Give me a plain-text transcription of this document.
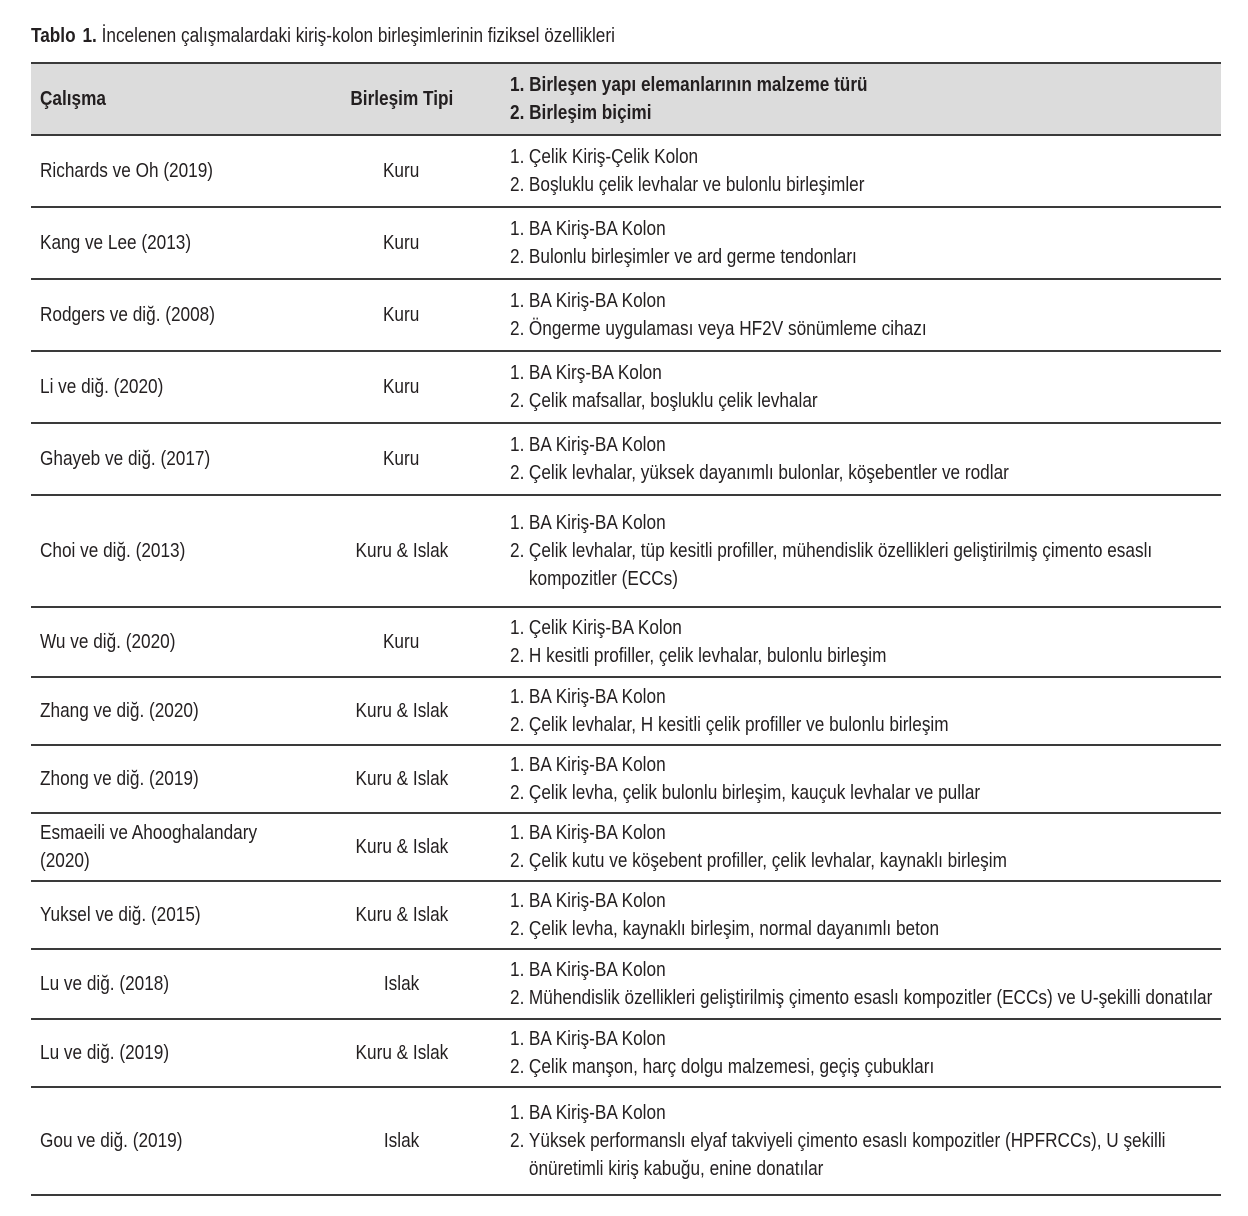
Tablo 1. İncelenen çalışmalardaki kiriş-kolon birleşimlerinin fiziksel özellikleri
Çalışma	Birleşim Tipi	1. Birleşen yapı elemanlarının malzeme türü
2. Birleşim biçimi

Richards ve Oh (2019)	Kuru	1. Çelik Kiriş-Çelik Kolon
2. Boşluklu çelik levhalar ve bulonlu birleşimler

Kang ve Lee (2013)	Kuru	1. BA Kiriş-BA Kolon
2. Bulonlu birleşimler ve ard germe tendonları

Rodgers ve diğ. (2008)	Kuru	1. BA Kiriş-BA Kolon
2. Öngerme uygulaması veya HF2V sönümleme cihazı

Li ve diğ. (2020)	Kuru	1. BA Kirş-BA Kolon
2. Çelik mafsallar, boşluklu çelik levhalar

Ghayeb ve diğ. (2017)	Kuru	1. BA Kiriş-BA Kolon
2. Çelik levhalar, yüksek dayanımlı bulonlar, köşebentler ve rodlar

Choi ve diğ. (2013)	Kuru & Islak	1. BA Kiriş-BA Kolon
2. Çelik levhalar, tüp kesitli profiller, mühendislik özellikleri geliştirilmiş çimento esaslı kompozitler (ECCs)

Wu ve diğ. (2020)	Kuru	1. Çelik Kiriş-BA Kolon
2. H kesitli profiller, çelik levhalar, bulonlu birleşim

Zhang ve diğ. (2020)	Kuru & Islak	1. BA Kiriş-BA Kolon
2. Çelik levhalar, H kesitli çelik profiller ve bulonlu birleşim

Zhong ve diğ. (2019)	Kuru & Islak	1. BA Kiriş-BA Kolon
2. Çelik levha, çelik bulonlu birleşim, kauçuk levhalar ve pullar

Esmaeili ve Ahooghalandary (2020)	Kuru & Islak	1. BA Kiriş-BA Kolon
2. Çelik kutu ve köşebent profiller, çelik levhalar, kaynaklı birleşim

Yuksel ve diğ. (2015)	Kuru & Islak	1. BA Kiriş-BA Kolon
2. Çelik levha, kaynaklı birleşim, normal dayanımlı beton

Lu ve diğ. (2018)	Islak	1. BA Kiriş-BA Kolon
2. Mühendislik özellikleri geliştirilmiş çimento esaslı kompozitler (ECCs) ve U-şekilli donatılar

Lu ve diğ. (2019)	Kuru & Islak	1. BA Kiriş-BA Kolon
2. Çelik manşon, harç dolgu malzemesi, geçiş çubukları

Gou ve diğ. (2019)	Islak	1. BA Kiriş-BA Kolon
2. Yüksek performanslı elyaf takviyeli çimento esaslı kompozitler (HPFRCCs), U şekilli önüretimli kiriş kabuğu, enine donatılar
